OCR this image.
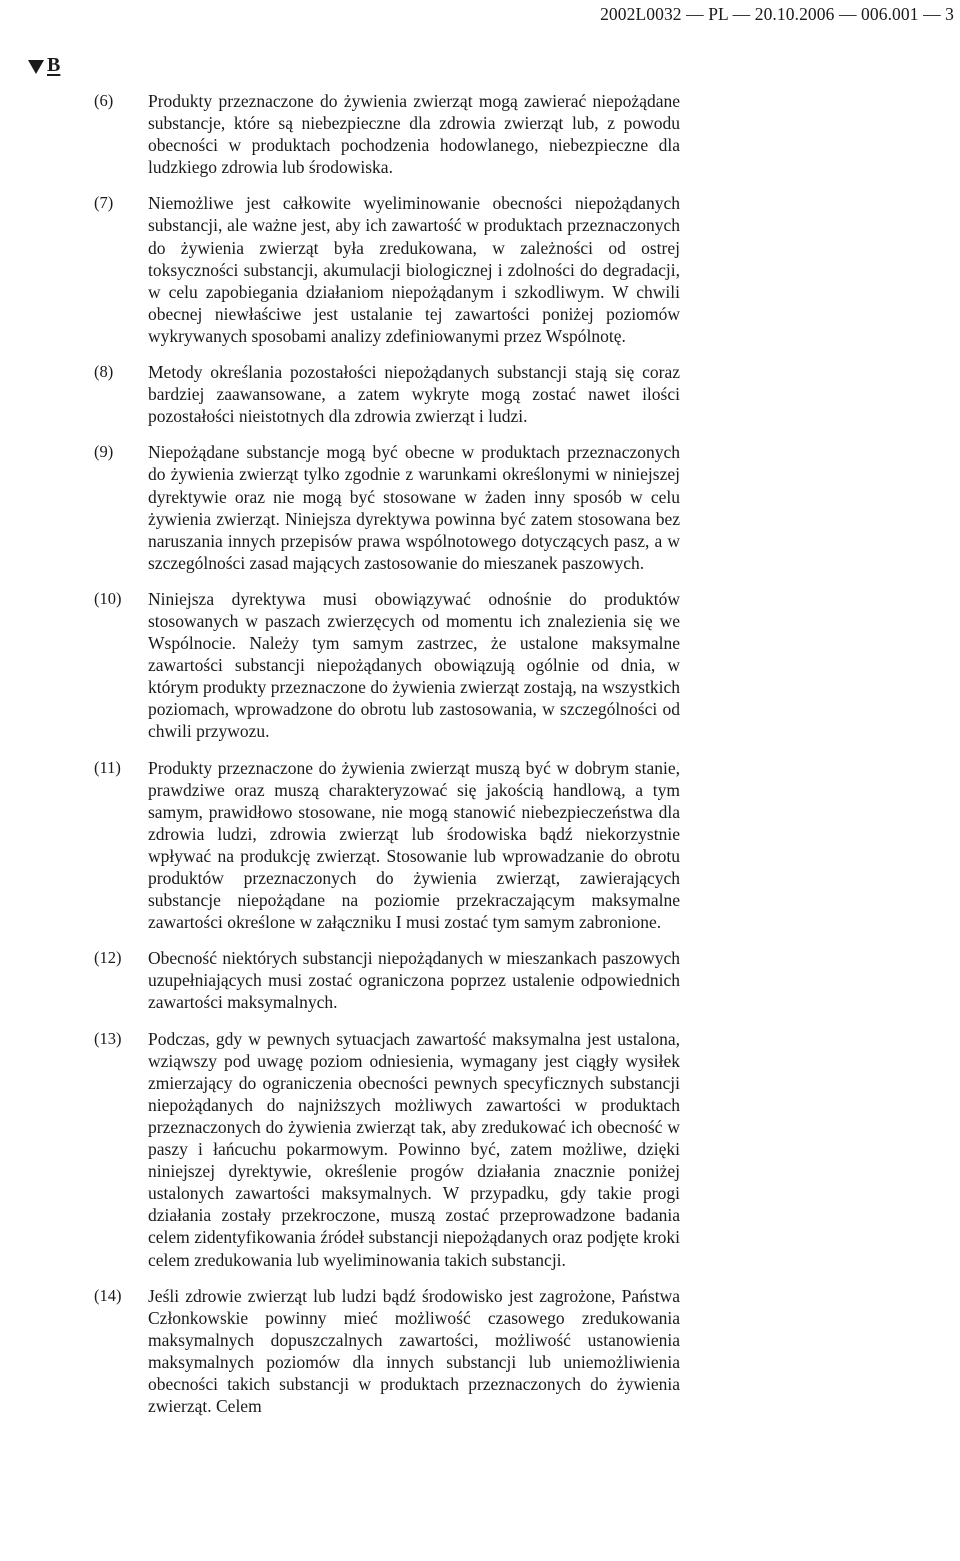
2002L0032 — PL — 20.10.2006 — 006.001 — 3
B
(6)	Produkty przeznaczone do żywienia zwierząt mogą zawierać niepożądane substancje, które są niebezpieczne dla zdrowia zwierząt lub, z powodu obecności w produktach pochodzenia hodowlanego, niebezpieczne dla ludzkiego zdrowia lub środowiska.
(7)	Niemożliwe jest całkowite wyeliminowanie obecności niepożądanych substancji, ale ważne jest, aby ich zawartość w produktach przeznaczonych do żywienia zwierząt była zredukowana, w zależności od ostrej toksyczności substancji, akumulacji biologicznej i zdolności do degradacji, w celu zapobiegania działaniom niepożądanym i szkodliwym. W chwili obecnej niewłaściwe jest ustalanie tej zawartości poniżej poziomów wykrywanych sposobami analizy zdefiniowanymi przez Wspólnotę.
(8)	Metody określania pozostałości niepożądanych substancji stają się coraz bardziej zaawansowane, a zatem wykryte mogą zostać nawet ilości pozostałości nieistotnych dla zdrowia zwierząt i ludzi.
(9)	Niepożądane substancje mogą być obecne w produktach przeznaczonych do żywienia zwierząt tylko zgodnie z warunkami określonymi w niniejszej dyrektywie oraz nie mogą być stosowane w żaden inny sposób w celu żywienia zwierząt. Niniejsza dyrektywa powinna być zatem stosowana bez naruszania innych przepisów prawa wspólnotowego dotyczących pasz, a w szczególności zasad mających zastosowanie do mieszanek paszowych.
(10)	Niniejsza dyrektywa musi obowiązywać odnośnie do produktów stosowanych w paszach zwierzęcych od momentu ich znalezienia się we Wspólnocie. Należy tym samym zastrzec, że ustalone maksymalne zawartości substancji niepożądanych obowiązują ogólnie od dnia, w którym produkty przeznaczone do żywienia zwierząt zostają, na wszystkich poziomach, wprowadzone do obrotu lub zastosowania, w szczególności od chwili przywozu.
(11)	Produkty przeznaczone do żywienia zwierząt muszą być w dobrym stanie, prawdziwe oraz muszą charakteryzować się jakością handlową, a tym samym, prawidłowo stosowane, nie mogą stanowić niebezpieczeństwa dla zdrowia ludzi, zdrowia zwierząt lub środowiska bądź niekorzystnie wpływać na produkcję zwierząt. Stosowanie lub wprowadzanie do obrotu produktów przeznaczonych do żywienia zwierząt, zawierających substancje niepożądane na poziomie przekraczającym maksymalne zawartości określone w załączniku I musi zostać tym samym zabronione.
(12)	Obecność niektórych substancji niepożądanych w mieszankach paszowych uzupełniających musi zostać ograniczona poprzez ustalenie odpowiednich zawartości maksymalnych.
(13)	Podczas, gdy w pewnych sytuacjach zawartość maksymalna jest ustalona, wziąwszy pod uwagę poziom odniesienia, wymagany jest ciągły wysiłek zmierzający do ograniczenia obecności pewnych specyficznych substancji niepożądanych do najniższych możliwych zawartości w produktach przeznaczonych do żywienia zwierząt tak, aby zredukować ich obecność w paszy i łańcuchu pokarmowym. Powinno być, zatem możliwe, dzięki niniejszej dyrektywie, określenie progów działania znacznie poniżej ustalonych zawartości maksymalnych. W przypadku, gdy takie progi działania zostały przekroczone, muszą zostać przeprowadzone badania celem zidentyfikowania źródeł substancji niepożądanych oraz podjęte kroki celem zredukowania lub wyeliminowania takich substancji.
(14)	Jeśli zdrowie zwierząt lub ludzi bądź środowisko jest zagrożone, Państwa Członkowskie powinny mieć możliwość czasowego zredukowania maksymalnych dopuszczalnych zawartości, możliwość ustanowienia maksymalnych poziomów dla innych substancji lub uniemożliwienia obecności takich substancji w produktach przeznaczonych do żywienia zwierząt. Celem
